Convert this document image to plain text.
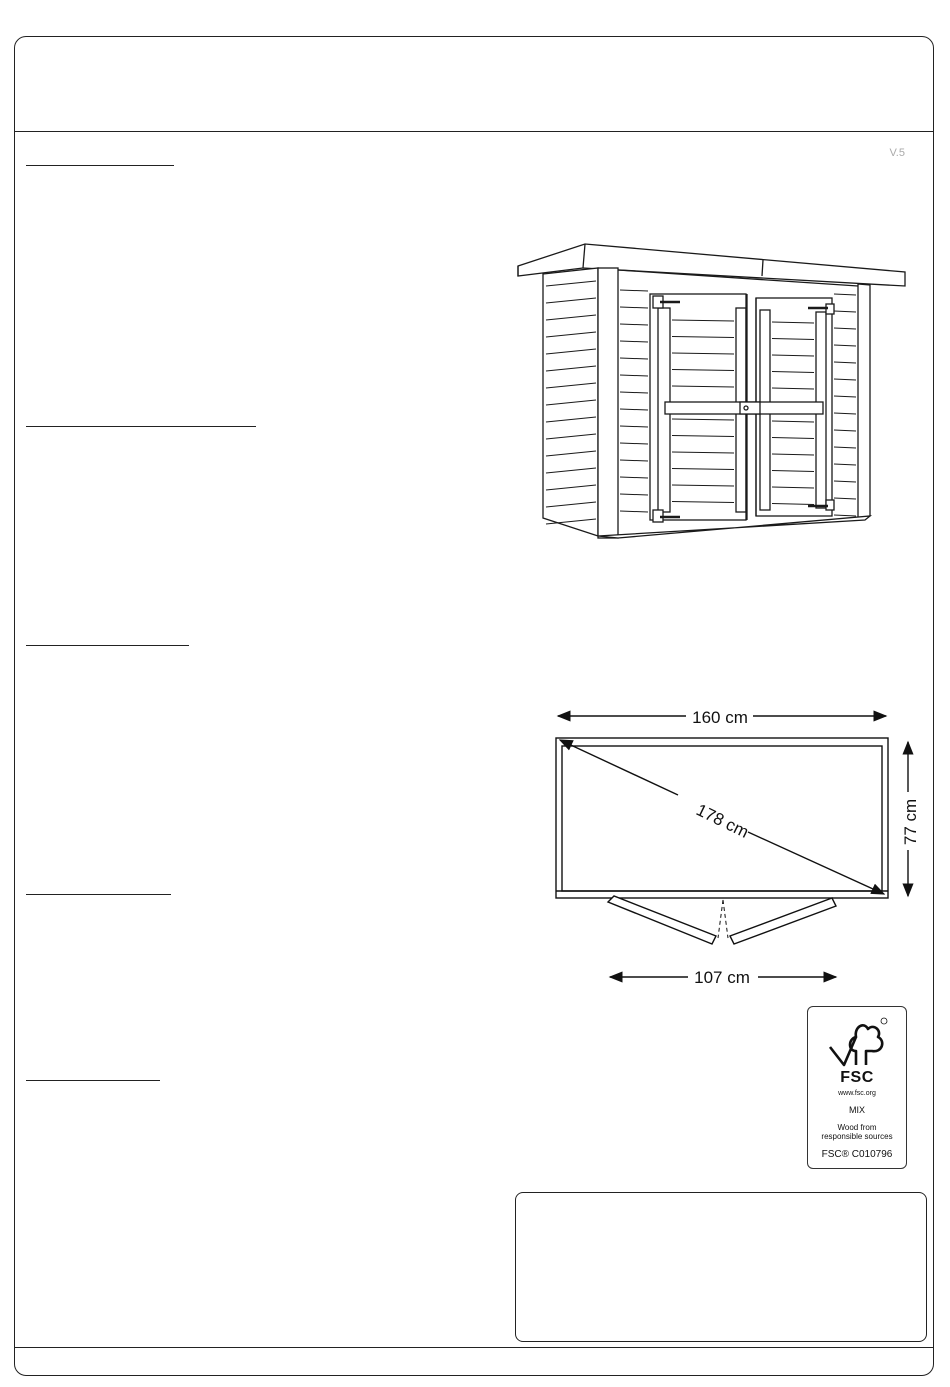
V.5
160 cm
77 cm
178 cm
107 cm
FSC
www.fsc.org
MIX
Wood from
responsible sources
FSC® C010796
